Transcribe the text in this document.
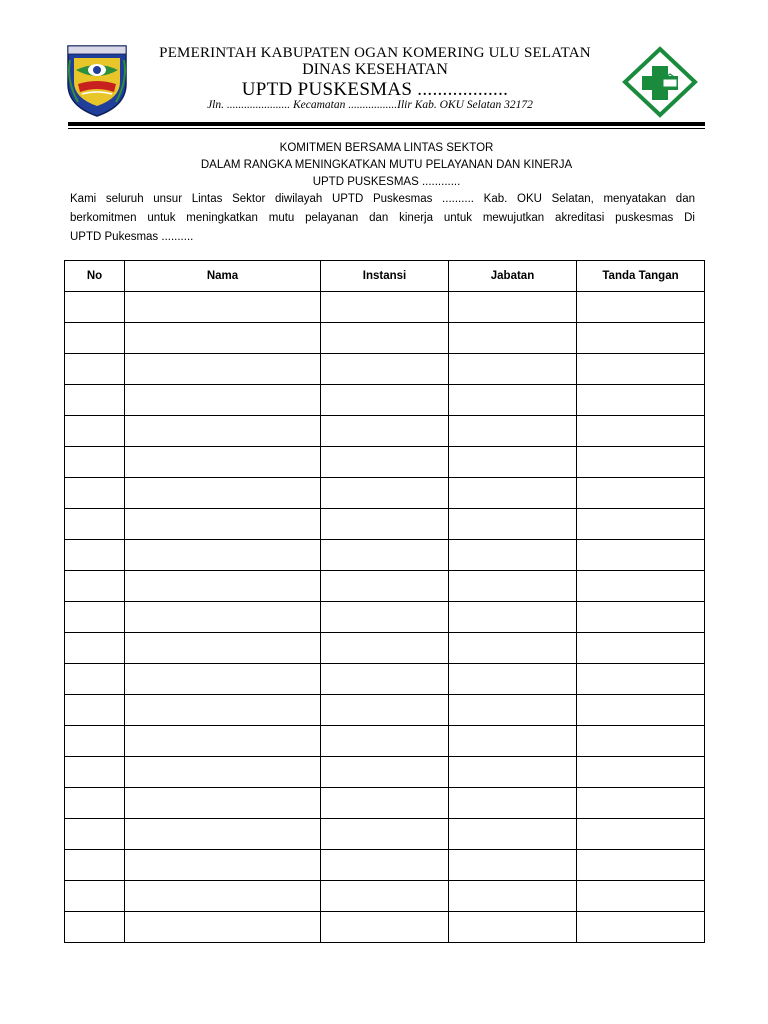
PEMERINTAH KABUPATEN OGAN KOMERING ULU SELATAN
DINAS KESEHATAN
UPTD PUSKESMAS ..................
Jln. ...................... Kecamatan .................Ilir Kab. OKU Selatan 32172
KOMITMEN BERSAMA LINTAS SEKTOR
DALAM RANGKA MENINGKATKAN MUTU PELAYANAN DAN KINERJA
UPTD PUSKESMAS ............
Kami seluruh unsur Lintas Sektor diwilayah UPTD Puskesmas .......... Kab. OKU Selatan, menyatakan dan
berkomitmen untuk meningkatkan mutu pelayanan dan kinerja untuk mewujutkan akreditasi puskesmas Di
UPTD Pukesmas ..........
No	Nama	Instansi	Jabatan	Tanda Tangan
